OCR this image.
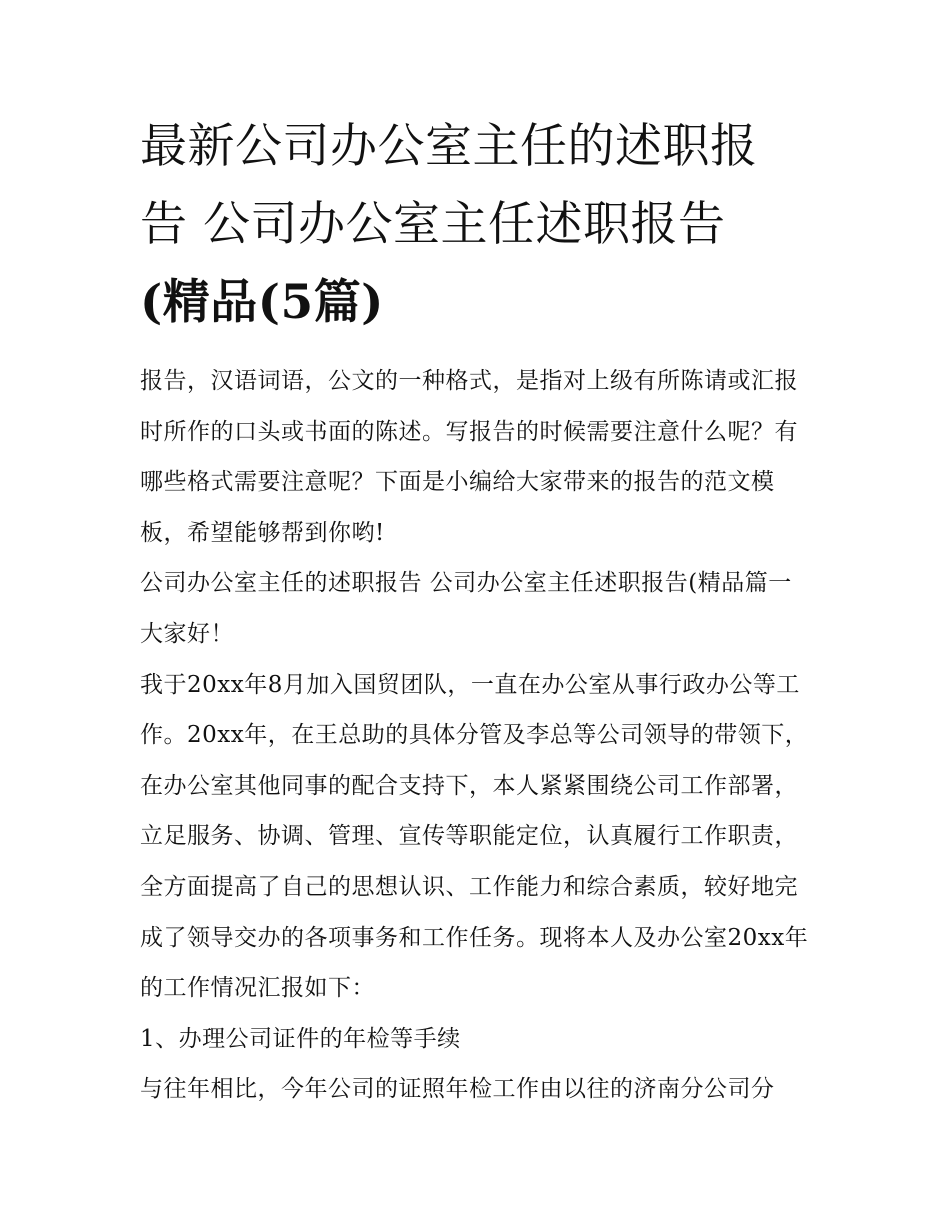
最新公司办公室主任的述职报
告 公司办公室主任述职报告
(精品(5篇)

报告，汉语词语，公文的一种格式，是指对上级有所陈请或汇报时所作的口头或书面的陈述。写报告的时候需要注意什么呢？有哪些格式需要注意呢？下面是小编给大家带来的报告的范文模板，希望能够帮到你哟!

公司办公室主任的述职报告 公司办公室主任述职报告(精品篇一 大家好！

我于20xx年8月加入国贸团队，一直在办公室从事行政办公等工作。20xx年，在王总助的具体分管及李总等公司领导的带领下，在办公室其他同事的配合支持下，本人紧紧围绕公司工作部署，立足服务、协调、管理、宣传等职能定位，认真履行工作职责，全方面提高了自己的思想认识、工作能力和综合素质，较好地完成了领导交办的各项事务和工作任务。现将本人及办公室20xx年的工作情况汇报如下：

1、办理公司证件的年检等手续

与往年相比，今年公司的证照年检工作由以往的济南分公司分
